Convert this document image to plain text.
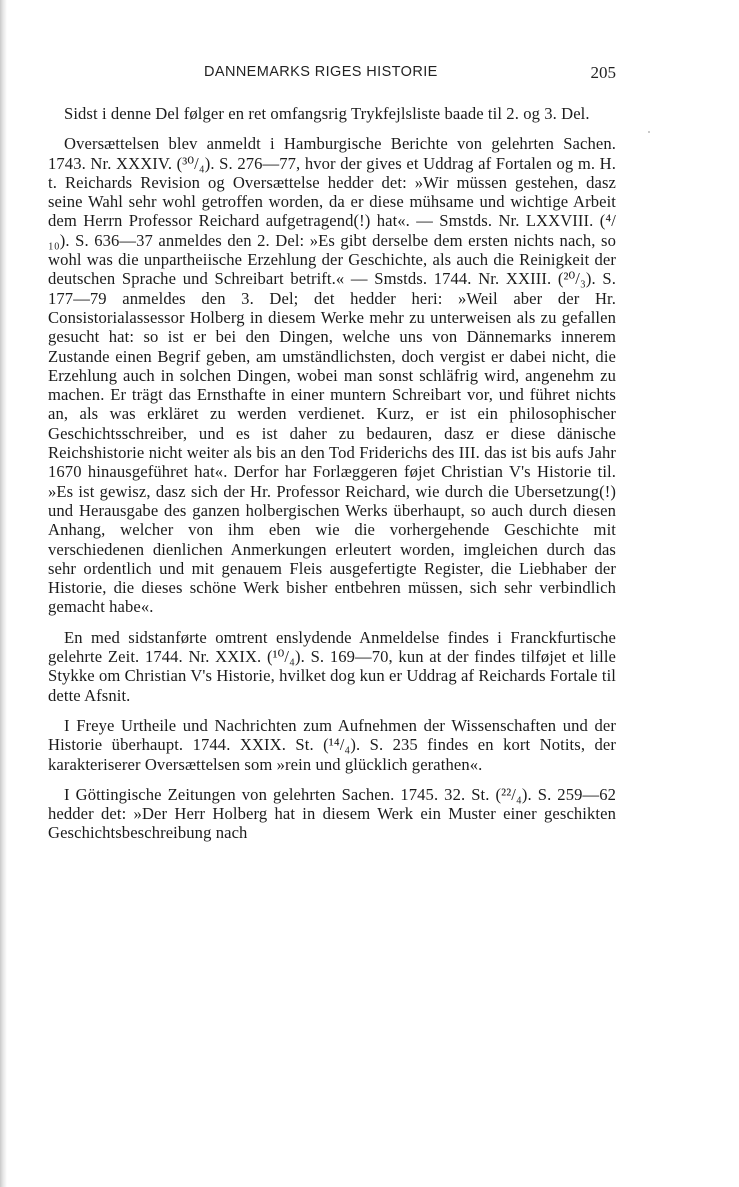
DANNEMARKS RIGES HISTORIE	205

Sidst i denne Del følger en ret omfangsrig Trykfejlsliste baade til 2. og 3. Del.

Oversættelsen blev anmeldt i Hamburgische Berichte von gelehrten Sachen. 1743. Nr. XXXIV. (³⁰/₄). S. 276—77, hvor der gives et Uddrag af Fortalen og m. H. t. Reichards Revision og Oversættelse hedder det: »Wir müssen gestehen, dasz seine Wahl sehr wohl getroffen worden, da er diese mühsame und wichtige Arbeit dem Herrn Professor Reichard aufgetragend(!) hat«. — Smstds. Nr. LXXVIII. (⁴/₁₀). S. 636—37 anmeldes den 2. Del: »Es gibt derselbe dem ersten nichts nach, so wohl was die unpartheiische Erzehlung der Geschichte, als auch die Reinigkeit der deutschen Sprache und Schreibart betrift.« — Smstds. 1744. Nr. XXIII. (²⁰/₃). S. 177—79 anmeldes den 3. Del; det hedder heri: »Weil aber der Hr. Consistorialassessor Holberg in diesem Werke mehr zu unterweisen als zu gefallen gesucht hat: so ist er bei den Dingen, welche uns von Dännemarks innerem Zustande einen Begrif geben, am umständlichsten, doch vergist er dabei nicht, die Erzehlung auch in solchen Dingen, wobei man sonst schläfrig wird, angenehm zu machen. Er trägt das Ernsthafte in einer muntern Schreibart vor, und führet nichts an, als was erkläret zu werden verdienet. Kurz, er ist ein philosophischer Geschichtsschreiber, und es ist daher zu bedauren, dasz er diese dänische Reichshistorie nicht weiter als bis an den Tod Friderichs des III. das ist bis aufs Jahr 1670 hinausgeführet hat«. Derfor har Forlæggeren føjet Christian V's Historie til. »Es ist gewisz, dasz sich der Hr. Professor Reichard, wie durch die Ubersetzung(!) und Herausgabe des ganzen holbergischen Werks überhaupt, so auch durch diesen Anhang, welcher von ihm eben wie die vorhergehende Geschichte mit verschiedenen dienlichen Anmerkungen erleutert worden, imgleichen durch das sehr ordentlich und mit genauem Fleis ausgefertigte Register, die Liebhaber der Historie, die dieses schöne Werk bisher entbehren müssen, sich sehr verbindlich gemacht habe«.

En med sidstanførte omtrent enslydende Anmeldelse findes i Franckfurtische gelehrte Zeit. 1744. Nr. XXIX. (¹⁰/₄). S. 169—70, kun at der findes tilføjet et lille Stykke om Christian V's Historie, hvilket dog kun er Uddrag af Reichards Fortale til dette Afsnit.

I Freye Urtheile und Nachrichten zum Aufnehmen der Wissenschaften und der Historie überhaupt. 1744. XXIX. St. (¹⁴/₄). S. 235 findes en kort Notits, der karakteriserer Oversættelsen som »rein und glücklich gerathen«.

I Göttingische Zeitungen von gelehrten Sachen. 1745. 32. St. (²²/₄). S. 259—62 hedder det: »Der Herr Holberg hat in diesem Werk ein Muster einer geschikten Geschichtsbeschreibung nach
